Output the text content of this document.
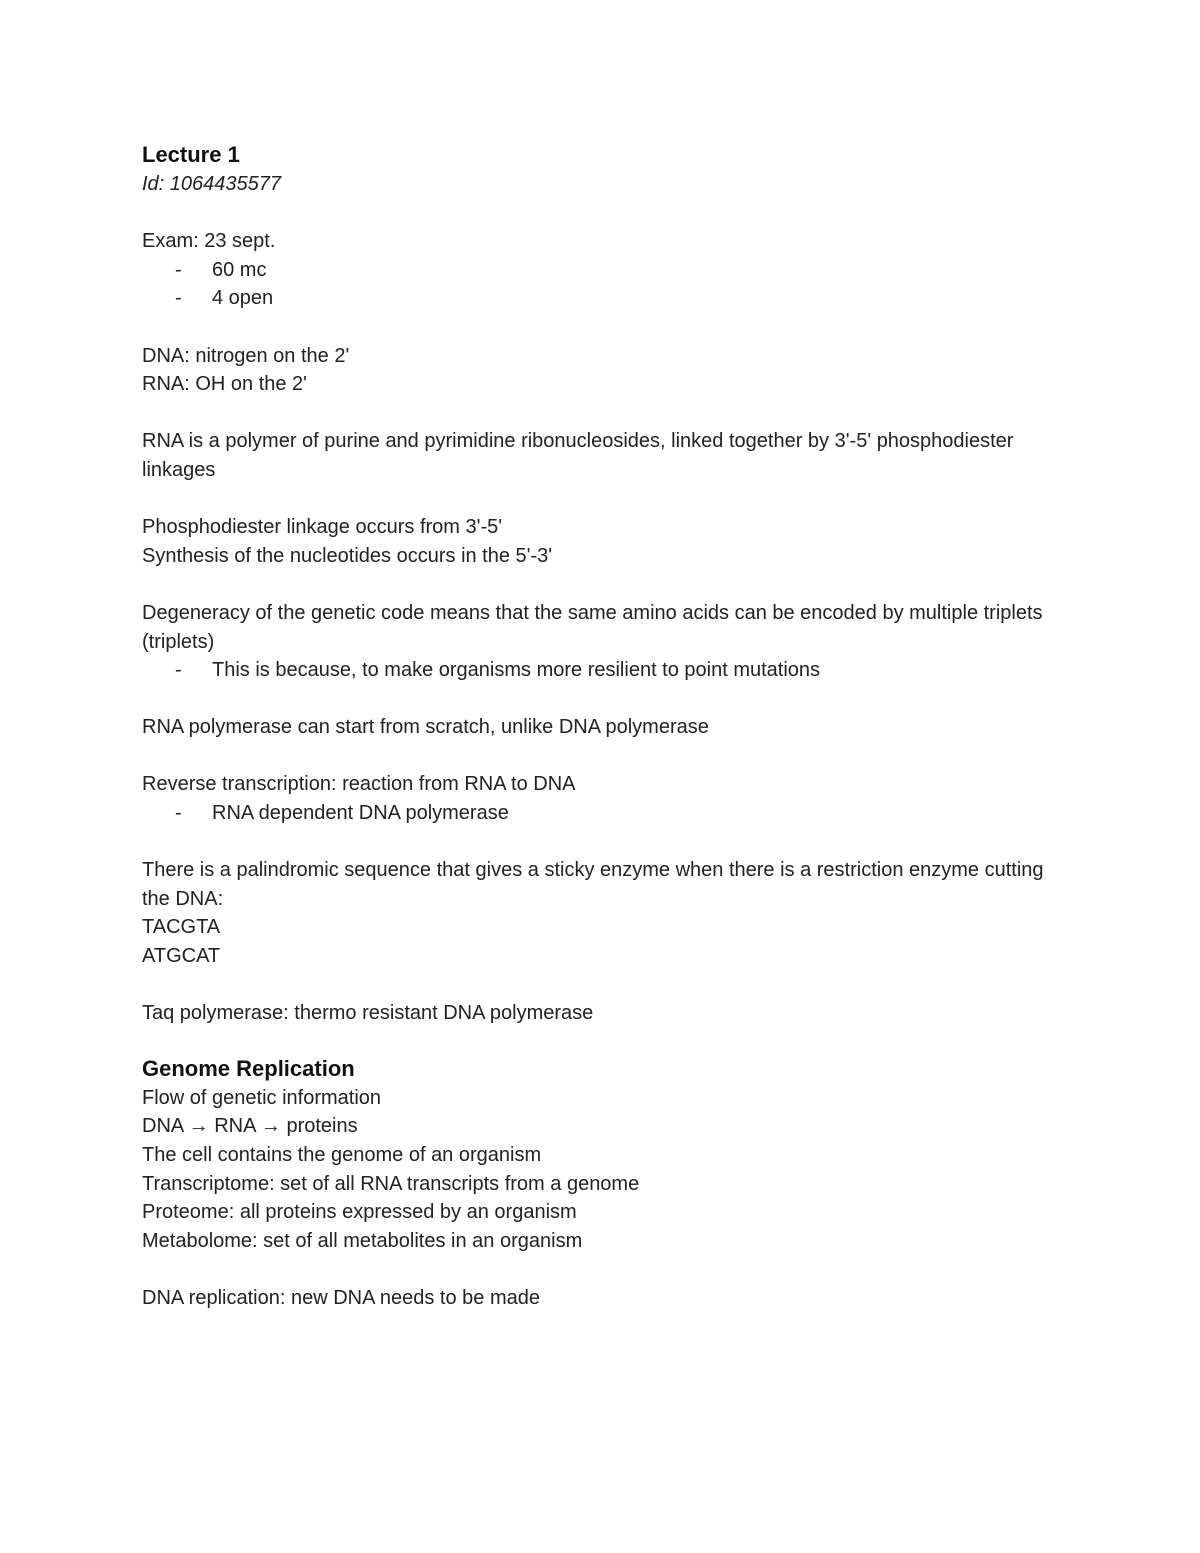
Lecture 1

Id: 1064435577

Exam: 23 sept.

- 60 mc
- 4 open

DNA: nitrogen on the 2'

RNA: OH on the 2'

RNA is a polymer of purine and pyrimidine ribonucleosides, linked together by 3'-5' phosphodiester linkages

Phosphodiester linkage occurs from 3'-5'

Synthesis of the nucleotides occurs in the 5'-3'

Degeneracy of the genetic code means that the same amino acids can be encoded by multiple triplets (triplets)

- This is because, to make organisms more resilient to point mutations

RNA polymerase can start from scratch, unlike DNA polymerase

Reverse transcription: reaction from RNA to DNA

- RNA dependent DNA polymerase

There is a palindromic sequence that gives a sticky enzyme when there is a restriction enzyme cutting the DNA:

TACGTA

ATGCAT

Taq polymerase: thermo resistant DNA polymerase

Genome Replication

Flow of genetic information

DNA → RNA → proteins

The cell contains the genome of an organism

Transcriptome: set of all RNA transcripts from a genome

Proteome: all proteins expressed by an organism

Metabolome: set of all metabolites in an organism

DNA replication: new DNA needs to be made
